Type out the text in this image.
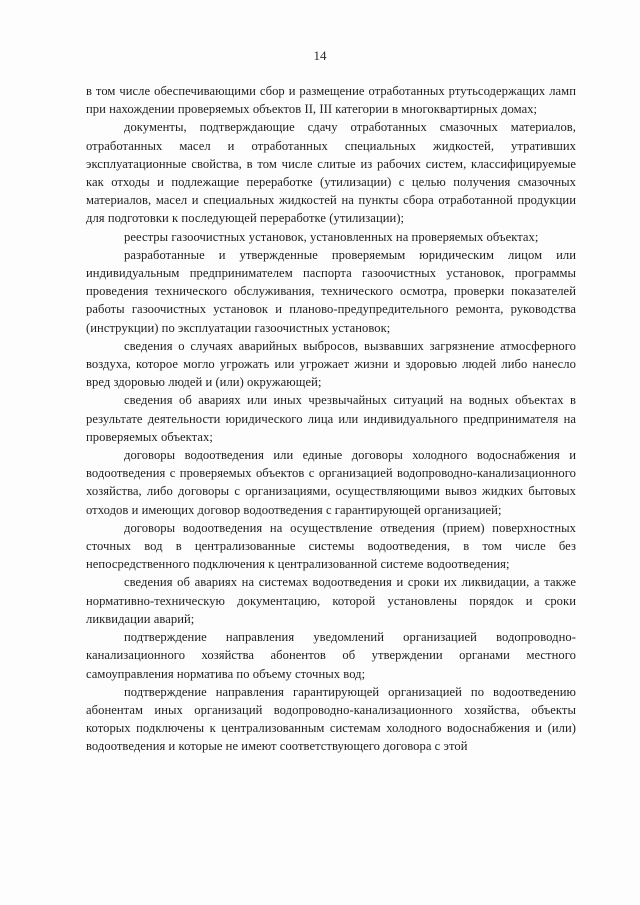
14

в том числе обеспечивающими сбор и размещение отработанных ртутьсодержащих ламп при нахождении проверяемых объектов II, III категории в многоквартирных домах;

документы, подтверждающие сдачу отработанных смазочных материалов, отработанных масел и отработанных специальных жидкостей, утративших эксплуатационные свойства, в том числе слитые из рабочих систем, классифицируемые как отходы и подлежащие переработке (утилизации) с целью получения смазочных материалов, масел и специальных жидкостей на пункты сбора отработанной продукции для подготовки к последующей переработке (утилизации);

реестры газоочистных установок, установленных на проверяемых объектах;

разработанные и утвержденные проверяемым юридическим лицом или индивидуальным предпринимателем паспорта газоочистных установок, программы проведения технического обслуживания, технического осмотра, проверки показателей работы газоочистных установок и планово-предупредительного ремонта, руководства (инструкции) по эксплуатации газоочистных установок;

сведения о случаях аварийных выбросов, вызвавших загрязнение атмосферного воздуха, которое могло угрожать или угрожает жизни и здоровью людей либо нанесло вред здоровью людей и (или) окружающей;

сведения об авариях или иных чрезвычайных ситуаций на водных объектах в результате деятельности юридического лица или индивидуального предпринимателя на проверяемых объектах;

договоры водоотведения или единые договоры холодного водоснабжения и водоотведения с проверяемых объектов с организацией водопроводно-канализационного хозяйства, либо договоры с организациями, осуществляющими вывоз жидких бытовых отходов и имеющих договор водоотведения с гарантирующей организацией;

договоры водоотведения на осуществление отведения (прием) поверхностных сточных вод в централизованные системы водоотведения, в том числе без непосредственного подключения к централизованной системе водоотведения;

сведения об авариях на системах водоотведения и сроки их ликвидации, а также нормативно-техническую документацию, которой установлены порядок и сроки ликвидации аварий;

подтверждение направления уведомлений организацией водопроводно-канализационного хозяйства абонентов об утверждении органами местного самоуправления норматива по объему сточных вод;

подтверждение направления гарантирующей организацией по водоотведению абонентам иных организаций водопроводно-канализационного хозяйства, объекты которых подключены к централизованным системам холодного водоснабжения и (или) водоотведения и которые не имеют соответствующего договора с этой
